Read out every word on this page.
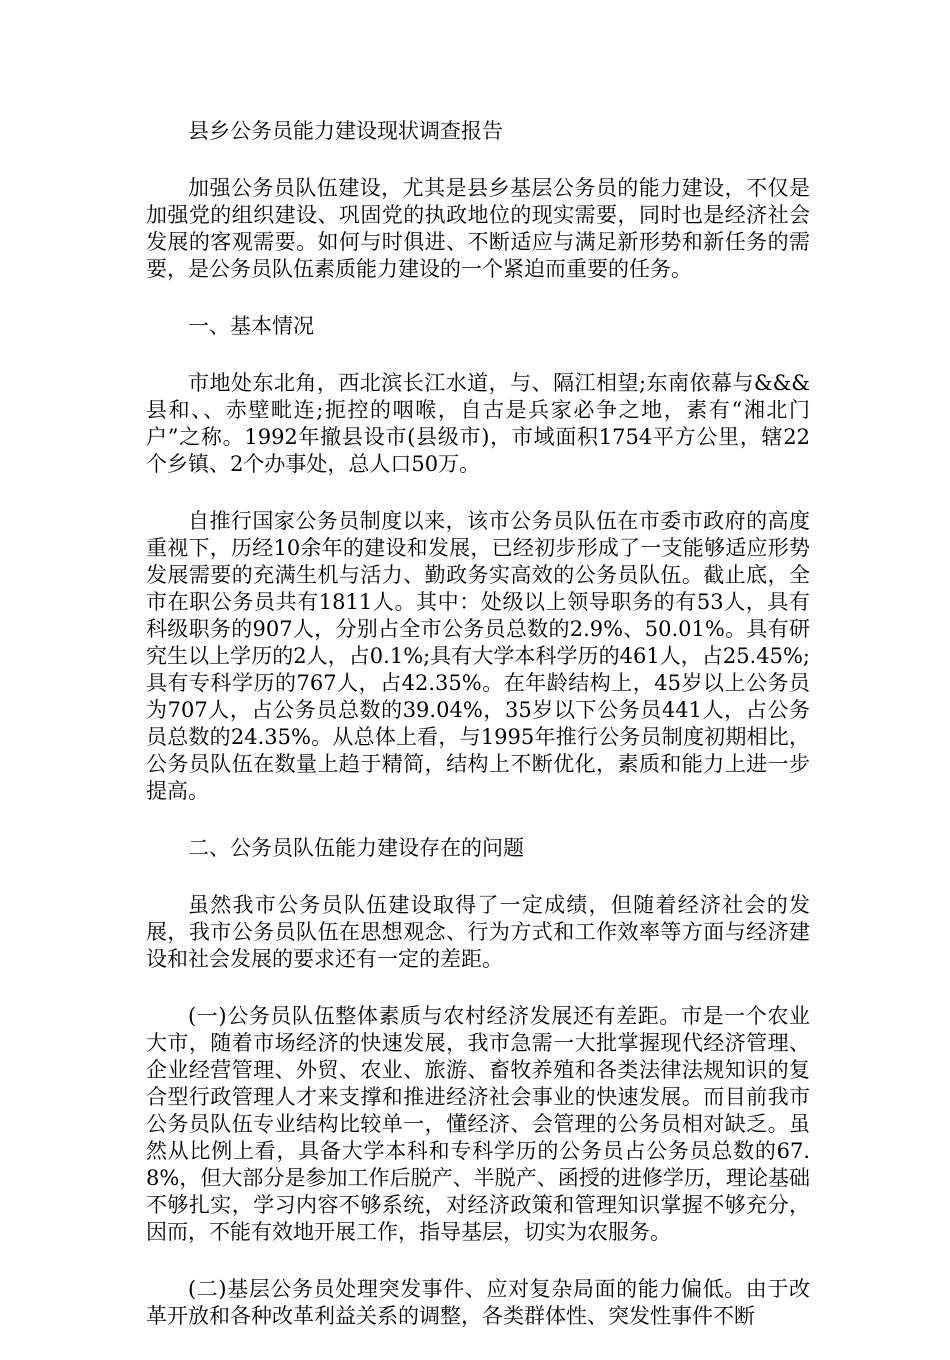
县乡公务员能力建设现状调查报告

加强公务员队伍建设，尤其是县乡基层公务员的能力建设，不仅是加强党的组织建设、巩固党的执政地位的现实需要，同时也是经济社会发展的客观需要。如何与时俱进、不断适应与满足新形势和新任务的需要，是公务员队伍素质能力建设的一个紧迫而重要的任务。

一、基本情况

市地处东北角，西北滨长江水道，与、隔江相望;东南依幕与&&&县和、、赤壁毗连;扼控的咽喉，自古是兵家必争之地，素有“湘北门户”之称。1992年撤县设市(县级市)，市域面积1754平方公里，辖22个乡镇、2个办事处，总人口50万。

自推行国家公务员制度以来，该市公务员队伍在市委市政府的高度重视下，历经10余年的建设和发展，已经初步形成了一支能够适应形势发展需要的充满生机与活力、勤政务实高效的公务员队伍。截止底，全市在职公务员共有1811人。其中：处级以上领导职务的有53人，具有科级职务的907人，分别占全市公务员总数的2.9%、50.01%。具有研究生以上学历的2人，占0.1%;具有大学本科学历的461人，占25.45%;具有专科学历的767人，占42.35%。在年龄结构上，45岁以上公务员为707人，占公务员总数的39.04%，35岁以下公务员441人，占公务员总数的24.35%。从总体上看，与1995年推行公务员制度初期相比，公务员队伍在数量上趋于精简，结构上不断优化，素质和能力上进一步提高。

二、公务员队伍能力建设存在的问题

虽然我市公务员队伍建设取得了一定成绩，但随着经济社会的发展，我市公务员队伍在思想观念、行为方式和工作效率等方面与经济建设和社会发展的要求还有一定的差距。

(一)公务员队伍整体素质与农村经济发展还有差距。市是一个农业大市，随着市场经济的快速发展，我市急需一大批掌握现代经济管理、企业经营管理、外贸、农业、旅游、畜牧养殖和各类法律法规知识的复合型行政管理人才来支撑和推进经济社会事业的快速发展。而目前我市公务员队伍专业结构比较单一，懂经济、会管理的公务员相对缺乏。虽然从比例上看，具备大学本科和专科学历的公务员占公务员总数的67.8%，但大部分是参加工作后脱产、半脱产、函授的进修学历，理论基础不够扎实，学习内容不够系统，对经济政策和管理知识掌握不够充分，因而，不能有效地开展工作，指导基层，切实为农服务。

(二)基层公务员处理突发事件、应对复杂局面的能力偏低。由于改革开放和各种改革利益关系的调整，各类群体性、突发性事件不断
